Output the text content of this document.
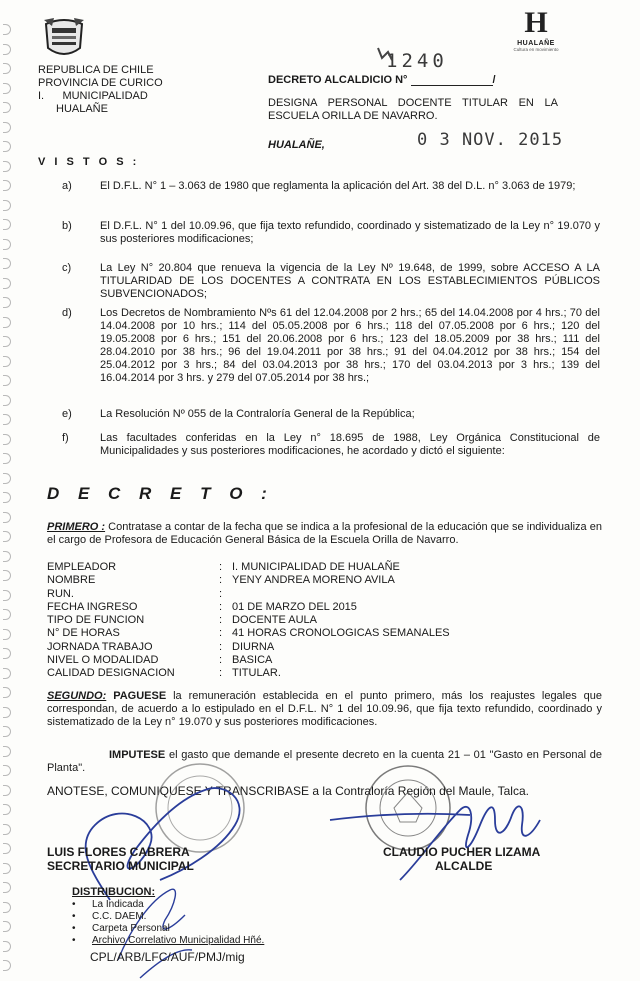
REPUBLICA DE CHILE
PROVINCIA DE CURICO
I.      MUNICIPALIDAD
HUALAÑE
H
HUALAÑE
Cultura en movimiento
1240
DECRETO ALCALDICIO N°	/
DESIGNA PERSONAL DOCENTE TITULAR EN LA ESCUELA ORILLA DE NAVARRO.
HUALAÑE,	0 3 NOV. 2015
V I S T O S :
a)	El D.F.L. N° 1 – 3.063 de 1980 que reglamenta la aplicación del Art. 38 del D.L. n° 3.063 de 1979;
b)	El D.F.L. N° 1 del 10.09.96, que fija texto refundido, coordinado y sistematizado de la Ley n° 19.070 y sus posteriores modificaciones;
c)	La Ley N° 20.804 que renueva la vigencia de la Ley Nº 19.648, de 1999, sobre ACCESO A LA TITULARIDAD DE LOS DOCENTES A CONTRATA EN LOS ESTABLECIMIENTOS PÚBLICOS SUBVENCIONADOS;
d)	Los Decretos de Nombramiento Nºs 61 del 12.04.2008 por 2 hrs.; 65 del 14.04.2008 por 4 hrs.; 70 del 14.04.2008 por 10 hrs.; 114 del 05.05.2008 por 6 hrs.; 118 del 07.05.2008 por 6 hrs.; 120 del 19.05.2008 por 6 hrs.; 151 del 20.06.2008 por 6 hrs.; 123 del 18.05.2009 por 38 hrs.; 111 del 28.04.2010 por 38 hrs.; 96 del 19.04.2011 por 38 hrs.; 91 del 04.04.2012 por 38 hrs.; 154 del 25.04.2012 por 3 hrs.; 84 del 03.04.2013 por 38 hrs.; 170 del 03.04.2013 por 3 hrs.; 139 del 16.04.2014 por 3 hrs. y 279 del 07.05.2014 por 38 hrs.;
e)	La Resolución Nº 055 de la Contraloría General de la República;
f)	Las facultades conferidas en la Ley n° 18.695 de 1988, Ley Orgánica Constitucional de Municipalidades y sus posteriores modificaciones, he acordado y dictó el siguiente:
D E C R E T O :
PRIMERO : Contratase a contar de la fecha que se indica a la profesional de la educación que se individualiza en el cargo de Profesora de Educación General Básica de la Escuela Orilla de Navarro.
EMPLEADOR	: I. MUNICIPALIDAD DE HUALAÑE
NOMBRE	: YENY ANDREA MORENO AVILA
RUN.	:
FECHA INGRESO	: 01 DE MARZO DEL 2015
TIPO DE FUNCION	: DOCENTE AULA
N° DE HORAS	: 41 HORAS CRONOLOGICAS SEMANALES
JORNADA TRABAJO	: DIURNA
NIVEL O MODALIDAD	: BASICA
CALIDAD DESIGNACION	: TITULAR.
SEGUNDO: PAGUESE la remuneración establecida en el punto primero, más los reajustes legales que correspondan, de acuerdo a lo estipulado en el D.F.L. N° 1 del 10.09.96, que fija texto refundido, coordinado y sistematizado de la Ley n° 19.070 y sus posteriores modificaciones.
IMPUTESE el gasto que demande el presente decreto en la cuenta 21 – 01 "Gasto en Personal de Planta".
ANOTESE, COMUNIQUESE Y TRANSCRIBASE a la Contraloría Región del Maule, Talca.
LUIS FLORES CABRERA
SECRETARIO MUNICIPAL
CLAUDIO PUCHER LIZAMA
ALCALDE
DISTRIBUCION:
• La Indicada
• C.C. DAEM.
• Carpeta Personal
• Archivo Correlativo Municipalidad Hñé.
CPL/ARB/LFC/AUF/PMJ/mig
